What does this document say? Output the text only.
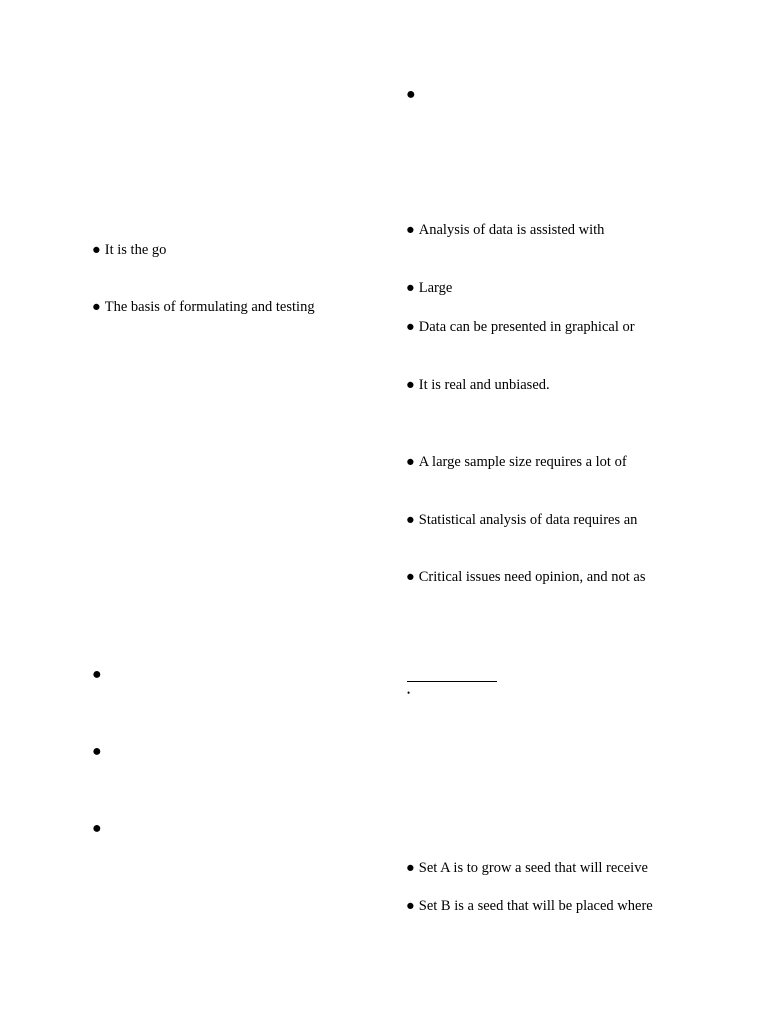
●
● Analysis of data is assisted with
● It is the go
● Large
● The basis of formulating and testing
● Data can be presented in graphical or
● It is real and unbiased.
● A large sample size requires a lot of
● Statistical analysis of data requires an
● Critical issues need opinion, and not as
●
●
●
•
● Set A is to grow a seed that will receive
● Set B is a seed that will be placed where
